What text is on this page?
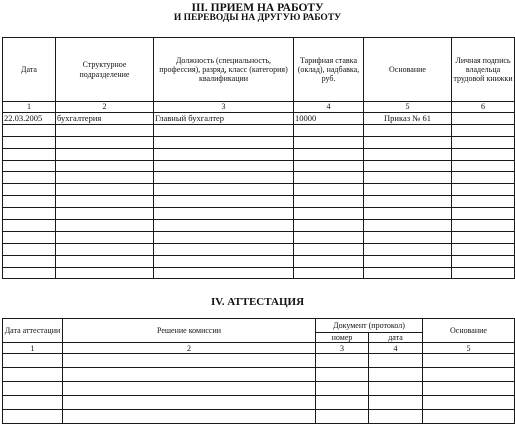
III. ПРИЕМ НА РАБОТУ
И ПЕРЕВОДЫ НА ДРУГУЮ РАБОТУ
Дата	Структурное подразделение	Должность (специальность, профессия), разряд, класс (категория) квалификации	Тарифная ставка (оклад), надбавка, руб.	Основание	Личная подпись владельца трудовой книжки
1	2	3	4	5	6
22.03.2005	бухгалтерия	Главный бухгалтер	10000	Приказ № 61	

IV. АТТЕСТАЦИЯ
Дата аттестации	Решение комиссии	Документ (протокол)		Основание
		номер	дата	
1	2	3	4	5
